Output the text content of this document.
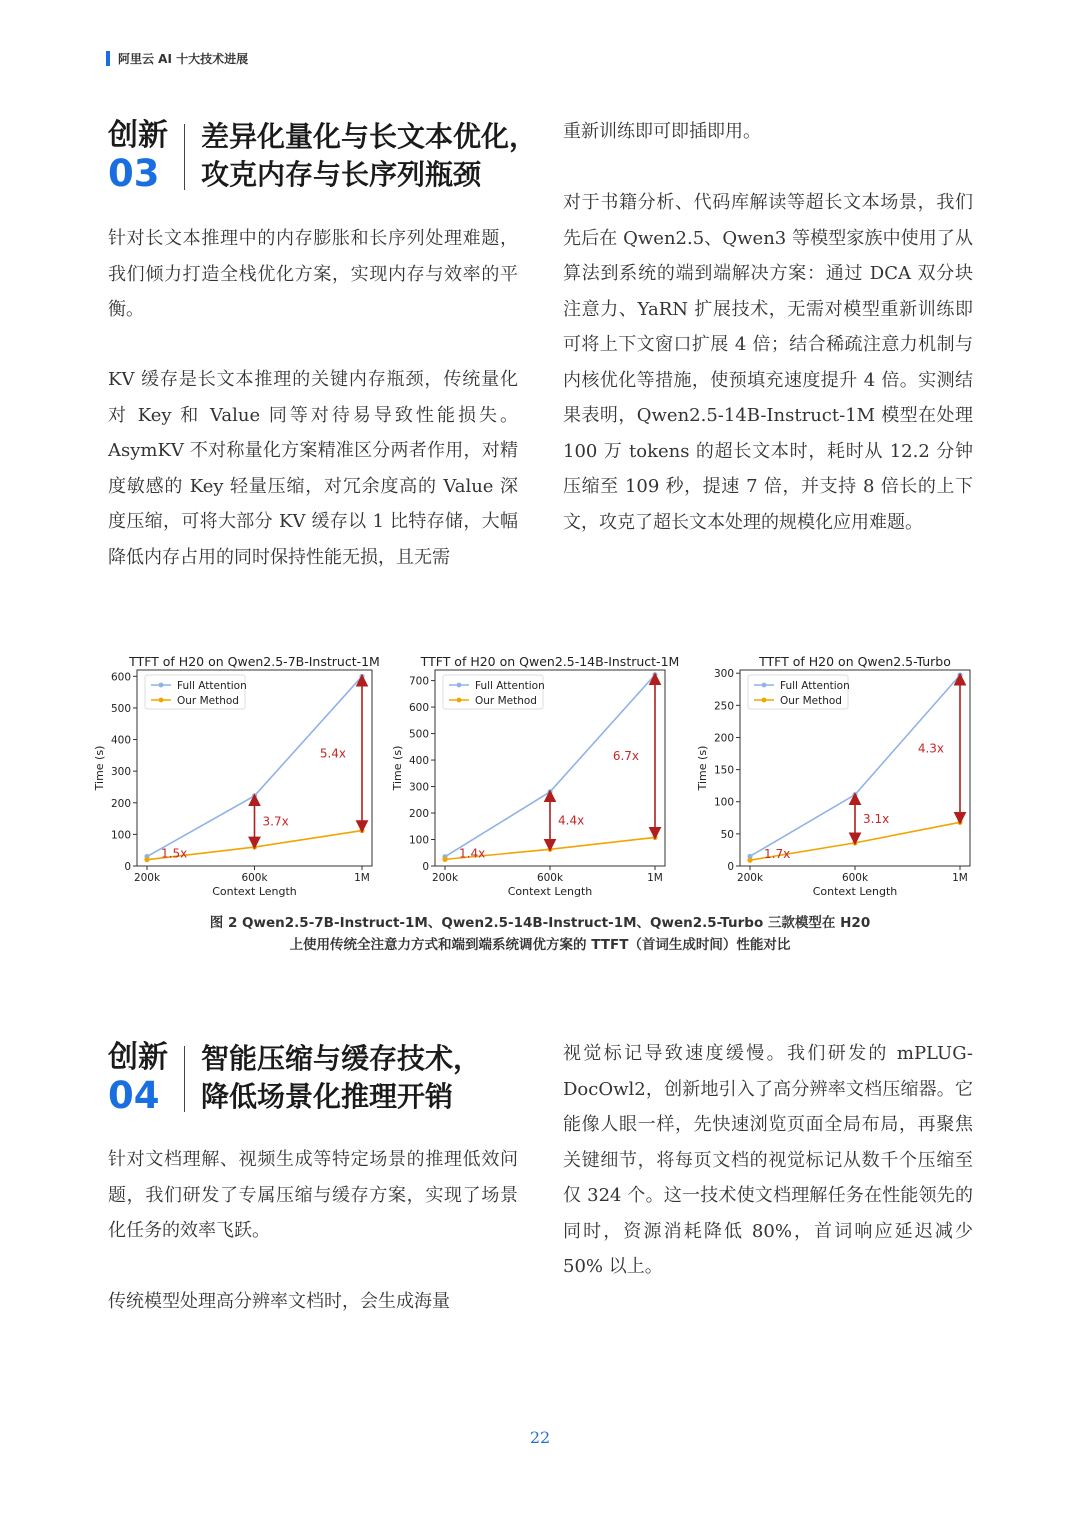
阿里云 AI 十大技术进展
创新
03
差异化量化与长文本优化，
攻克内存与长序列瓶颈

针对长文本推理中的内存膨胀和长序列处理难题，我们倾力打造全栈优化方案，实现内存与效率的平衡。

KV 缓存是长文本推理的关键内存瓶颈，传统量化对 Key 和 Value 同等对待易导致性能损失。AsymKV 不对称量化方案精准区分两者作用，对精度敏感的 Key 轻量压缩，对冗余度高的 Value 深度压缩，可将大部分 KV 缓存以 1 比特存储，大幅降低内存占用的同时保持性能无损，且无需

重新训练即可即插即用。

对于书籍分析、代码库解读等超长文本场景，我们先后在 Qwen2.5、Qwen3 等模型家族中使用了从算法到系统的端到端解决方案：通过 DCA 双分块注意力、YaRN 扩展技术，无需对模型重新训练即可将上下文窗口扩展 4 倍；结合稀疏注意力机制与内核优化等措施，使预填充速度提升 4 倍。实测结果表明，Qwen2.5-14B-Instruct-1M 模型在处理 100 万 tokens 的超长文本时，耗时从 12.2 分钟压缩至 109 秒，提速 7 倍，并支持 8 倍长的上下文，攻克了超长文本处理的规模化应用难题。

TTFT of H20 on Qwen2.5-7B-Instruct-1M
0
100
200
300
400
500
600
200k	600k	1M
Context Length
Time (s)
1.5x
3.7x
5.4x
Full Attention
Our Method
TTFT of H20 on Qwen2.5-14B-Instruct-1M
0
100
200
300
400
500
600
700
200k	600k	1M
Context Length
Time (s)
1.4x
4.4x
6.7x
Full Attention
Our Method
TTFT of H20 on Qwen2.5-Turbo
0
50
100
150
200
250
300
200k	600k	1M
Context Length
Time (s)
1.7x
3.1x
4.3x
Full Attention
Our Method
图 2 Qwen2.5-7B-Instruct-1M、Qwen2.5-14B-Instruct-1M、Qwen2.5-Turbo 三款模型在 H20
上使用传统全注意力方式和端到端系统调优方案的 TTFT（首词生成时间）性能对比
创新
04
智能压缩与缓存技术，
降低场景化推理开销

针对文档理解、视频生成等特定场景的推理低效问题，我们研发了专属压缩与缓存方案，实现了场景化任务的效率飞跃。

传统模型处理高分辨率文档时，会生成海量

视觉标记导致速度缓慢。我们研发的 mPLUG-DocOwl2，创新地引入了高分辨率文档压缩器。它能像人眼一样，先快速浏览页面全局布局，再聚焦关键细节，将每页文档的视觉标记从数千个压缩至仅 324 个。这一技术使文档理解任务在性能领先的同时，资源消耗降低 80%，首词响应延迟减少 50% 以上。

22
